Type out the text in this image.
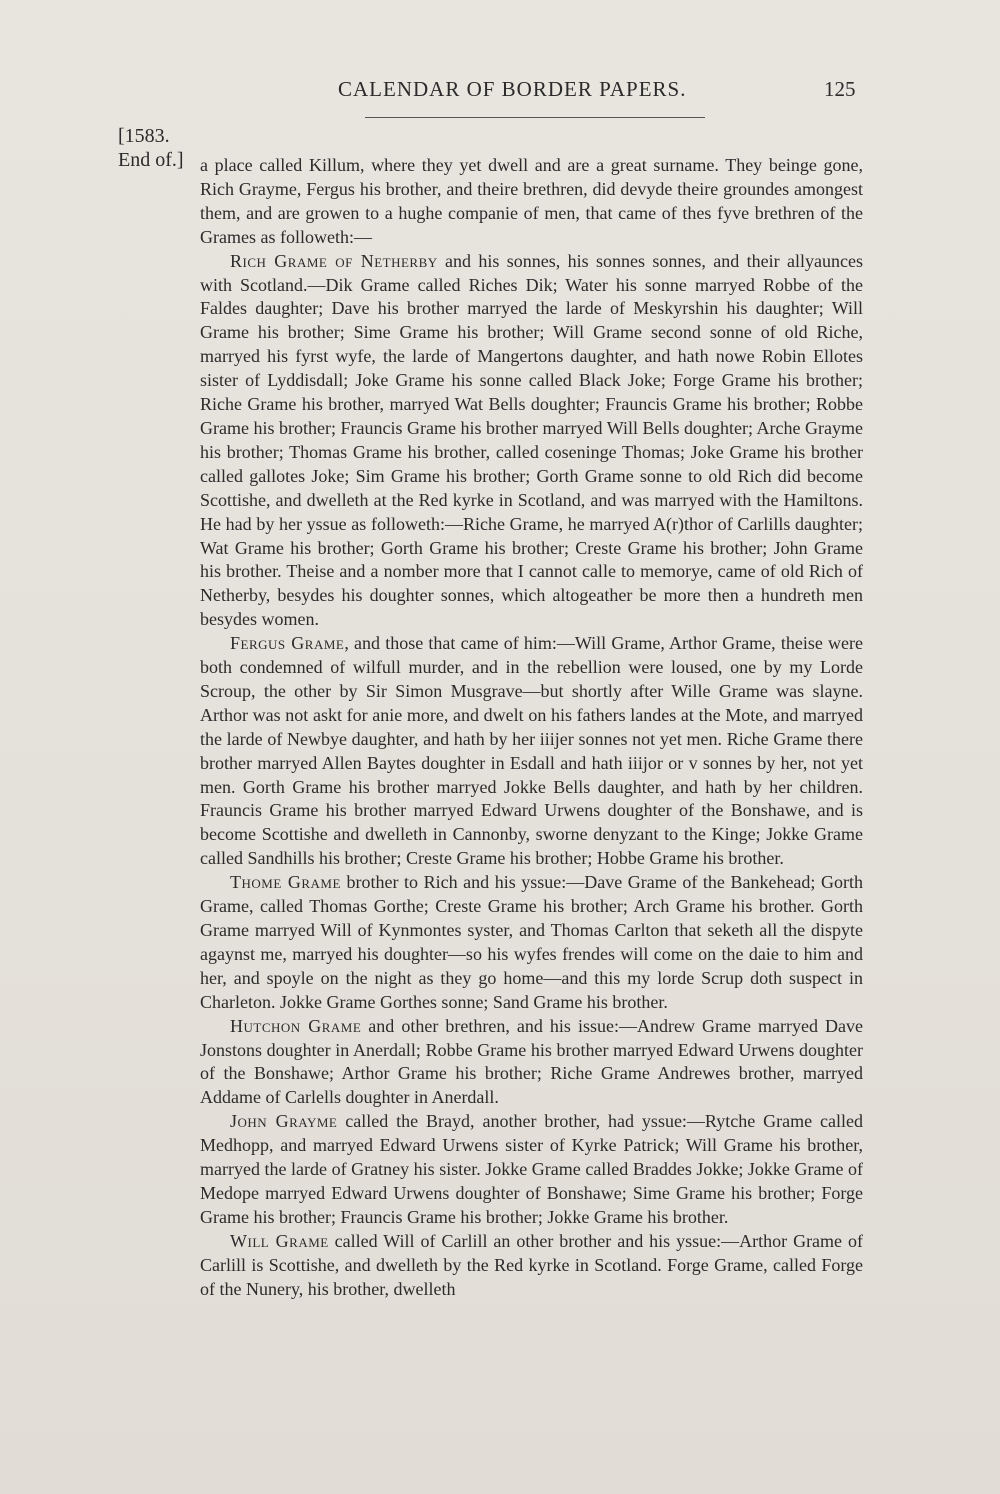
CALENDAR OF BORDER PAPERS.	125
[1583.
End of.] a place called Killum, where they yet dwell and are a great surname. They beinge gone, Rich Grayme, Fergus his brother, and theire brethren, did devyde theire groundes amongest them, and are growen to a hughe companie of men, that came of thes fyve brethren of the Grames as followeth:—

Rich Grame of Netherby and his sonnes, his sonnes sonnes, and their allyaunces with Scotland.—Dik Grame called Riches Dik; Water his sonne marryed Robbe of the Faldes daughter; Dave his brother marryed the larde of Meskyrshin his daughter; Will Grame his brother; Sime Grame his brother; Will Grame second sonne of old Riche, marryed his fyrst wyfe, the larde of Mangertons daughter, and hath nowe Robin Ellotes sister of Lyddisdall; Joke Grame his sonne called Black Joke; Forge Grame his brother; Riche Grame his brother, marryed Wat Bells doughter; Frauncis Grame his brother; Robbe Grame his brother; Frauncis Grame his brother marryed Will Bells doughter; Arche Grayme his brother; Thomas Grame his brother, called coseninge Thomas; Joke Grame his brother called gallotes Joke; Sim Grame his brother; Gorth Grame sonne to old Rich did become Scottishe, and dwelleth at the Red kyrke in Scotland, and was marryed with the Hamiltons. He had by her yssue as followeth:—Riche Grame, he marryed A(r)thor of Carlills daughter; Wat Grame his brother; Gorth Grame his brother; Creste Grame his brother; John Grame his brother. Theise and a nomber more that I cannot calle to memorye, came of old Rich of Netherby, besydes his doughter sonnes, which altogeather be more then a hundreth men besydes women.

Fergus Grame, and those that came of him:—Will Grame, Arthor Grame, theise were both condemned of wilfull murder, and in the rebellion were loused, one by my Lorde Scroup, the other by Sir Simon Musgrave—but shortly after Wille Grame was slayne. Arthor was not askt for anie more, and dwelt on his fathers landes at the Mote, and marryed the larde of Newbye daughter, and hath by her iiijer sonnes not yet men. Riche Grame there brother marryed Allen Baytes doughter in Esdall and hath iiijor or v sonnes by her, not yet men. Gorth Grame his brother marryed Jokke Bells daughter, and hath by her children. Frauncis Grame his brother marryed Edward Urwens doughter of the Bonshawe, and is become Scottishe and dwelleth in Cannonby, sworne denyzant to the Kinge; Jokke Grame called Sandhills his brother; Creste Grame his brother; Hobbe Grame his brother.

Thome Grame brother to Rich and his yssue:—Dave Grame of the Bankehead; Gorth Grame, called Thomas Gorthe; Creste Grame his brother; Arch Grame his brother. Gorth Grame marryed Will of Kynmontes syster, and Thomas Carlton that seketh all the dispyte agaynst me, marryed his doughter—so his wyfes frendes will come on the daie to him and her, and spoyle on the night as they go home—and this my lorde Scrup doth suspect in Charleton. Jokke Grame Gorthes sonne; Sand Grame his brother.

Hutchon Grame and other brethren, and his issue:—Andrew Grame marryed Dave Jonstons doughter in Anerdall; Robbe Grame his brother marryed Edward Urwens doughter of the Bonshawe; Arthor Grame his brother; Riche Grame Andrewes brother, marryed Addame of Carlells doughter in Anerdall.

John Grayme called the Brayd, another brother, had yssue:—Rytche Grame called Medhopp, and marryed Edward Urwens sister of Kyrke Patrick; Will Grame his brother, marryed the larde of Gratney his sister. Jokke Grame called Braddes Jokke; Jokke Grame of Medope marryed Edward Urwens doughter of Bonshawe; Sime Grame his brother; Forge Grame his brother; Frauncis Grame his brother; Jokke Grame his brother.

Will Grame called Will of Carlill an other brother and his yssue:—Arthor Grame of Carlill is Scottishe, and dwelleth by the Red kyrke in Scotland. Forge Grame, called Forge of the Nunery, his brother, dwelleth
